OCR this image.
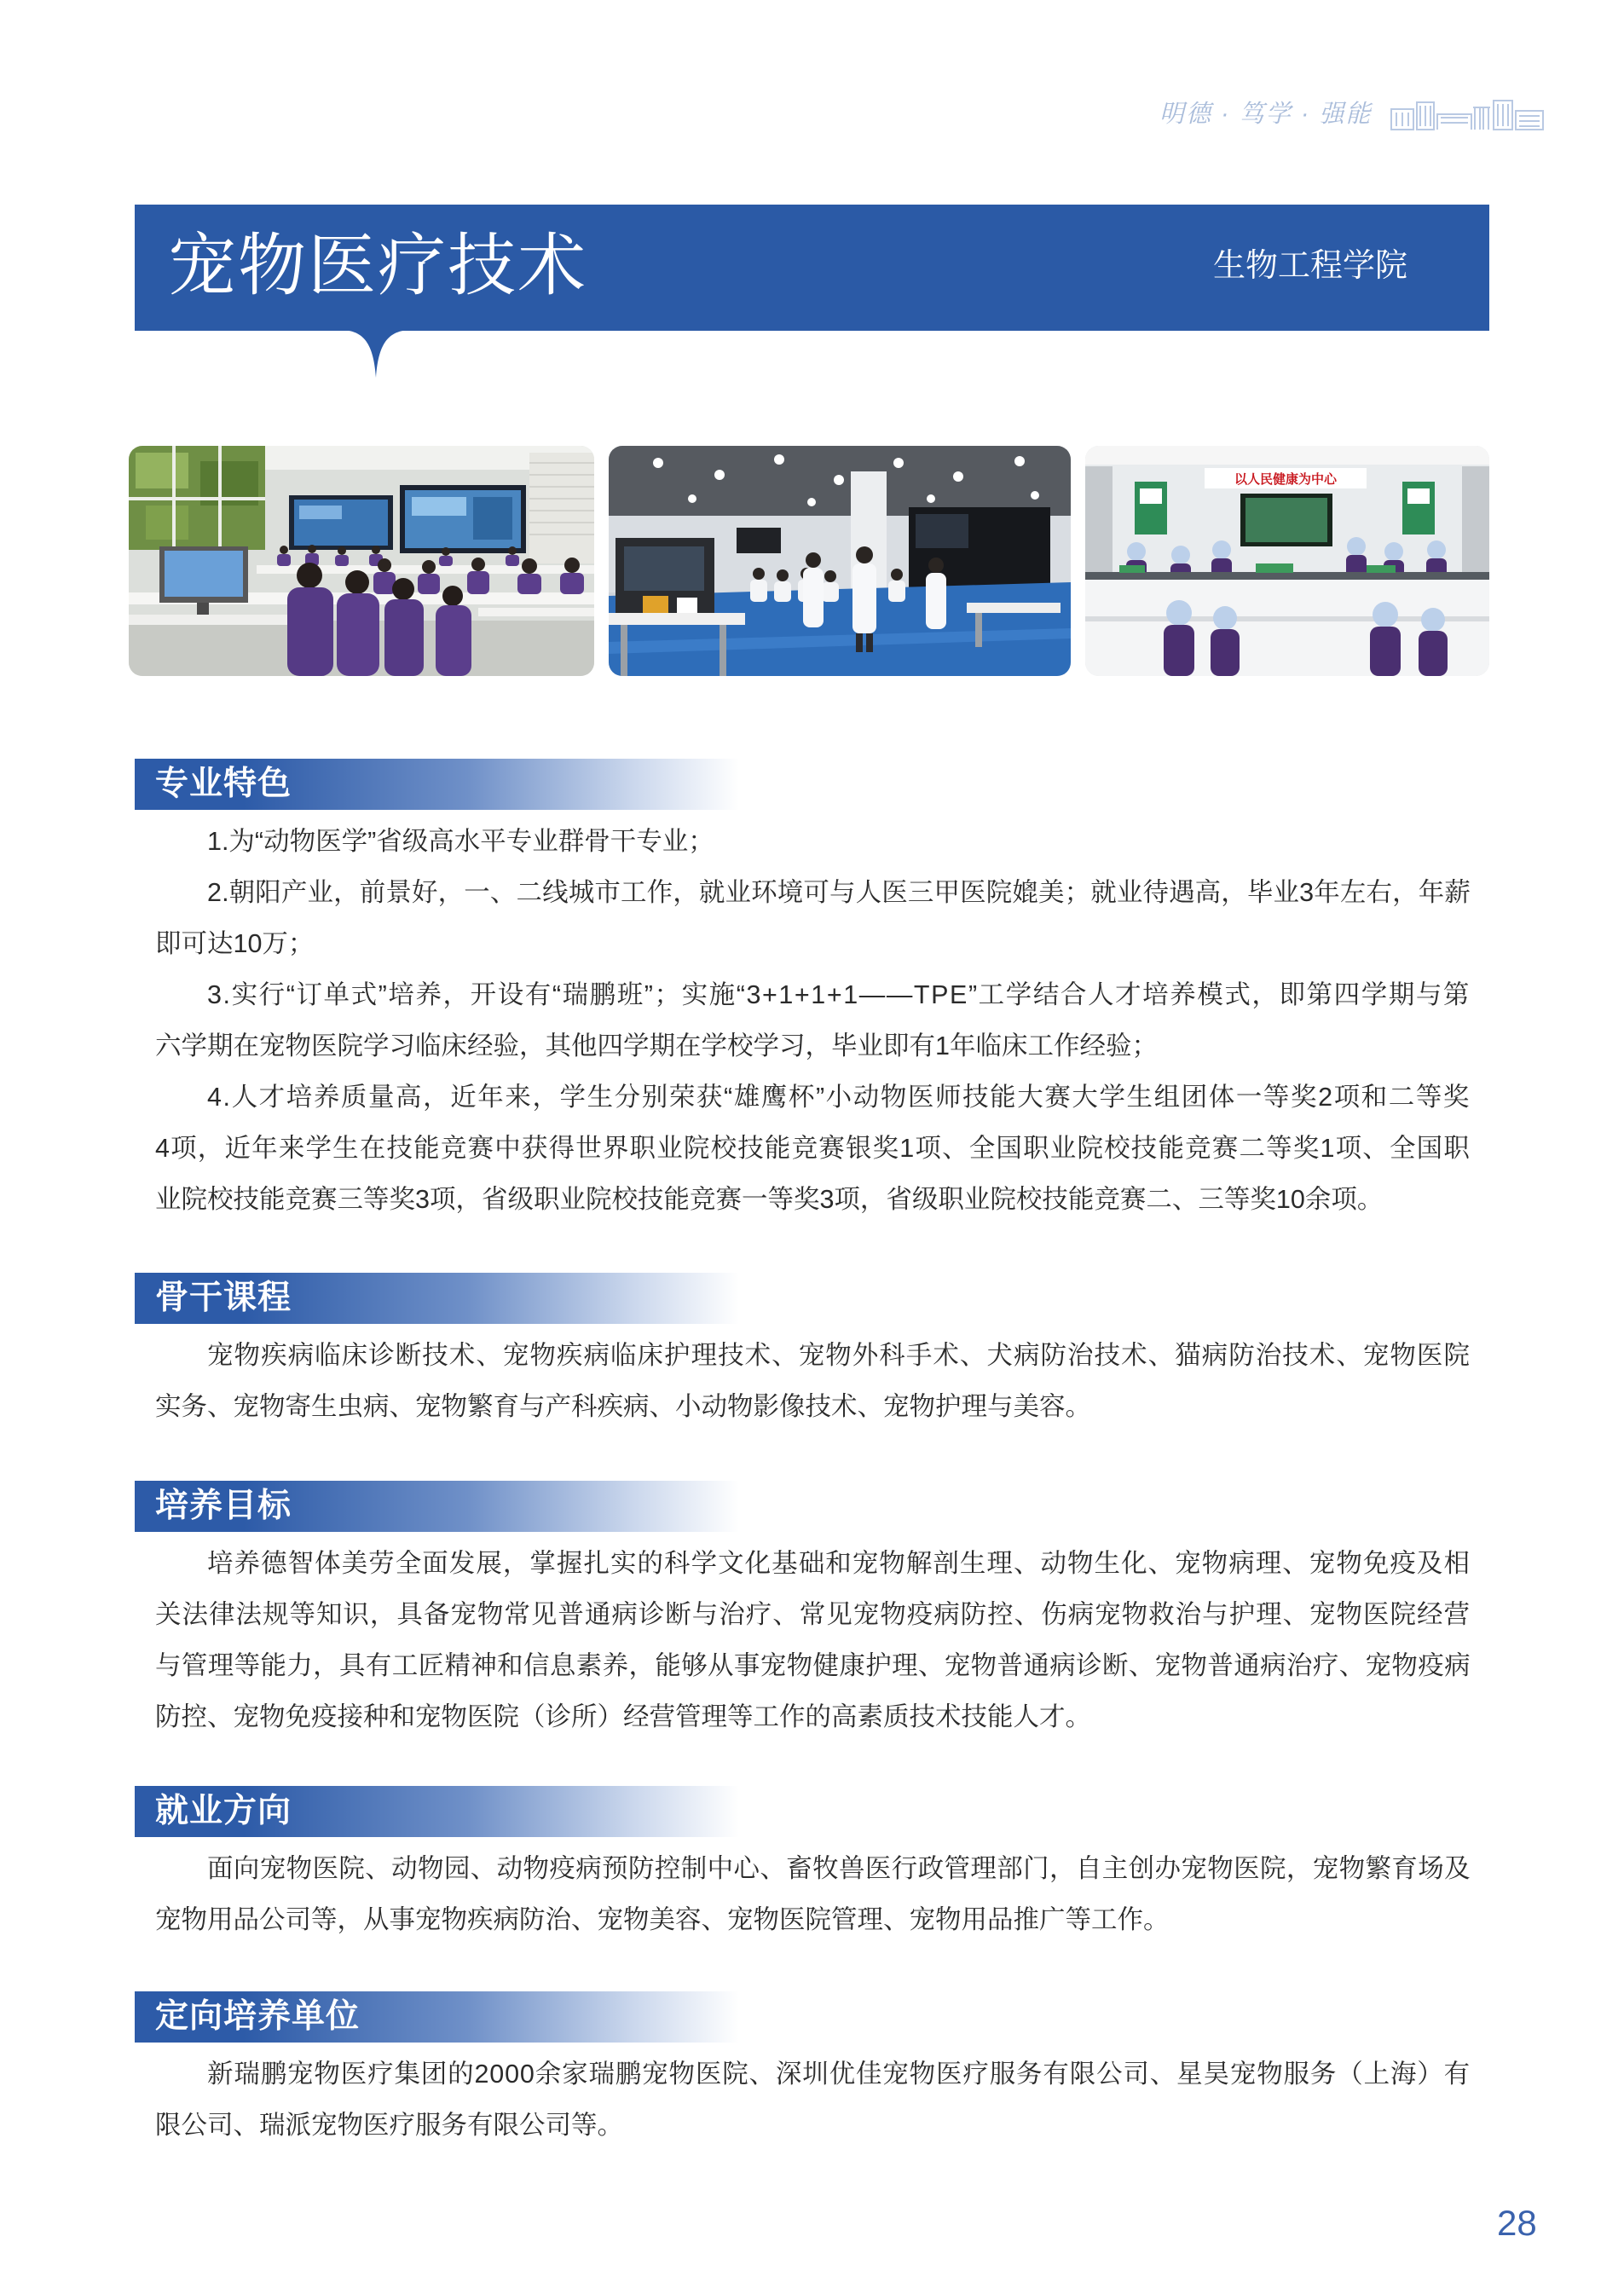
明德 · 笃学 · 强能
宠物医疗技术	生物工程学院
以人民健康为中心
专业特色
1.为“动物医学”省级高水平专业群骨干专业；
2.朝阳产业，前景好，一、二线城市工作，就业环境可与人医三甲医院媲美；就业待遇高，毕业3年左右，年薪
即可达10万；
3.实行“订单式”培养，开设有“瑞鹏班”；实施“3+1+1+1——TPE”工学结合人才培养模式，即第四学期与第
六学期在宠物医院学习临床经验，其他四学期在学校学习，毕业即有1年临床工作经验；
4.人才培养质量高，近年来，学生分别荣获“雄鹰杯”小动物医师技能大赛大学生组团体一等奖2项和二等奖
4项，近年来学生在技能竞赛中获得世界职业院校技能竞赛银奖1项、全国职业院校技能竞赛二等奖1项、全国职
业院校技能竞赛三等奖3项，省级职业院校技能竞赛一等奖3项，省级职业院校技能竞赛二、三等奖10余项。
骨干课程
宠物疾病临床诊断技术、宠物疾病临床护理技术、宠物外科手术、犬病防治技术、猫病防治技术、宠物医院
实务、宠物寄生虫病、宠物繁育与产科疾病、小动物影像技术、宠物护理与美容。
培养目标
培养德智体美劳全面发展，掌握扎实的科学文化基础和宠物解剖生理、动物生化、宠物病理、宠物免疫及相
关法律法规等知识，具备宠物常见普通病诊断与治疗、常见宠物疫病防控、伤病宠物救治与护理、宠物医院经营
与管理等能力，具有工匠精神和信息素养，能够从事宠物健康护理、宠物普通病诊断、宠物普通病治疗、宠物疫病
防控、宠物免疫接种和宠物医院（诊所）经营管理等工作的高素质技术技能人才。
就业方向
面向宠物医院、动物园、动物疫病预防控制中心、畜牧兽医行政管理部门，自主创办宠物医院，宠物繁育场及
宠物用品公司等，从事宠物疾病防治、宠物美容、宠物医院管理、宠物用品推广等工作。
定向培养单位
新瑞鹏宠物医疗集团的2000余家瑞鹏宠物医院、深圳优佳宠物医疗服务有限公司、星昊宠物服务（上海）有
限公司、瑞派宠物医疗服务有限公司等。
28
